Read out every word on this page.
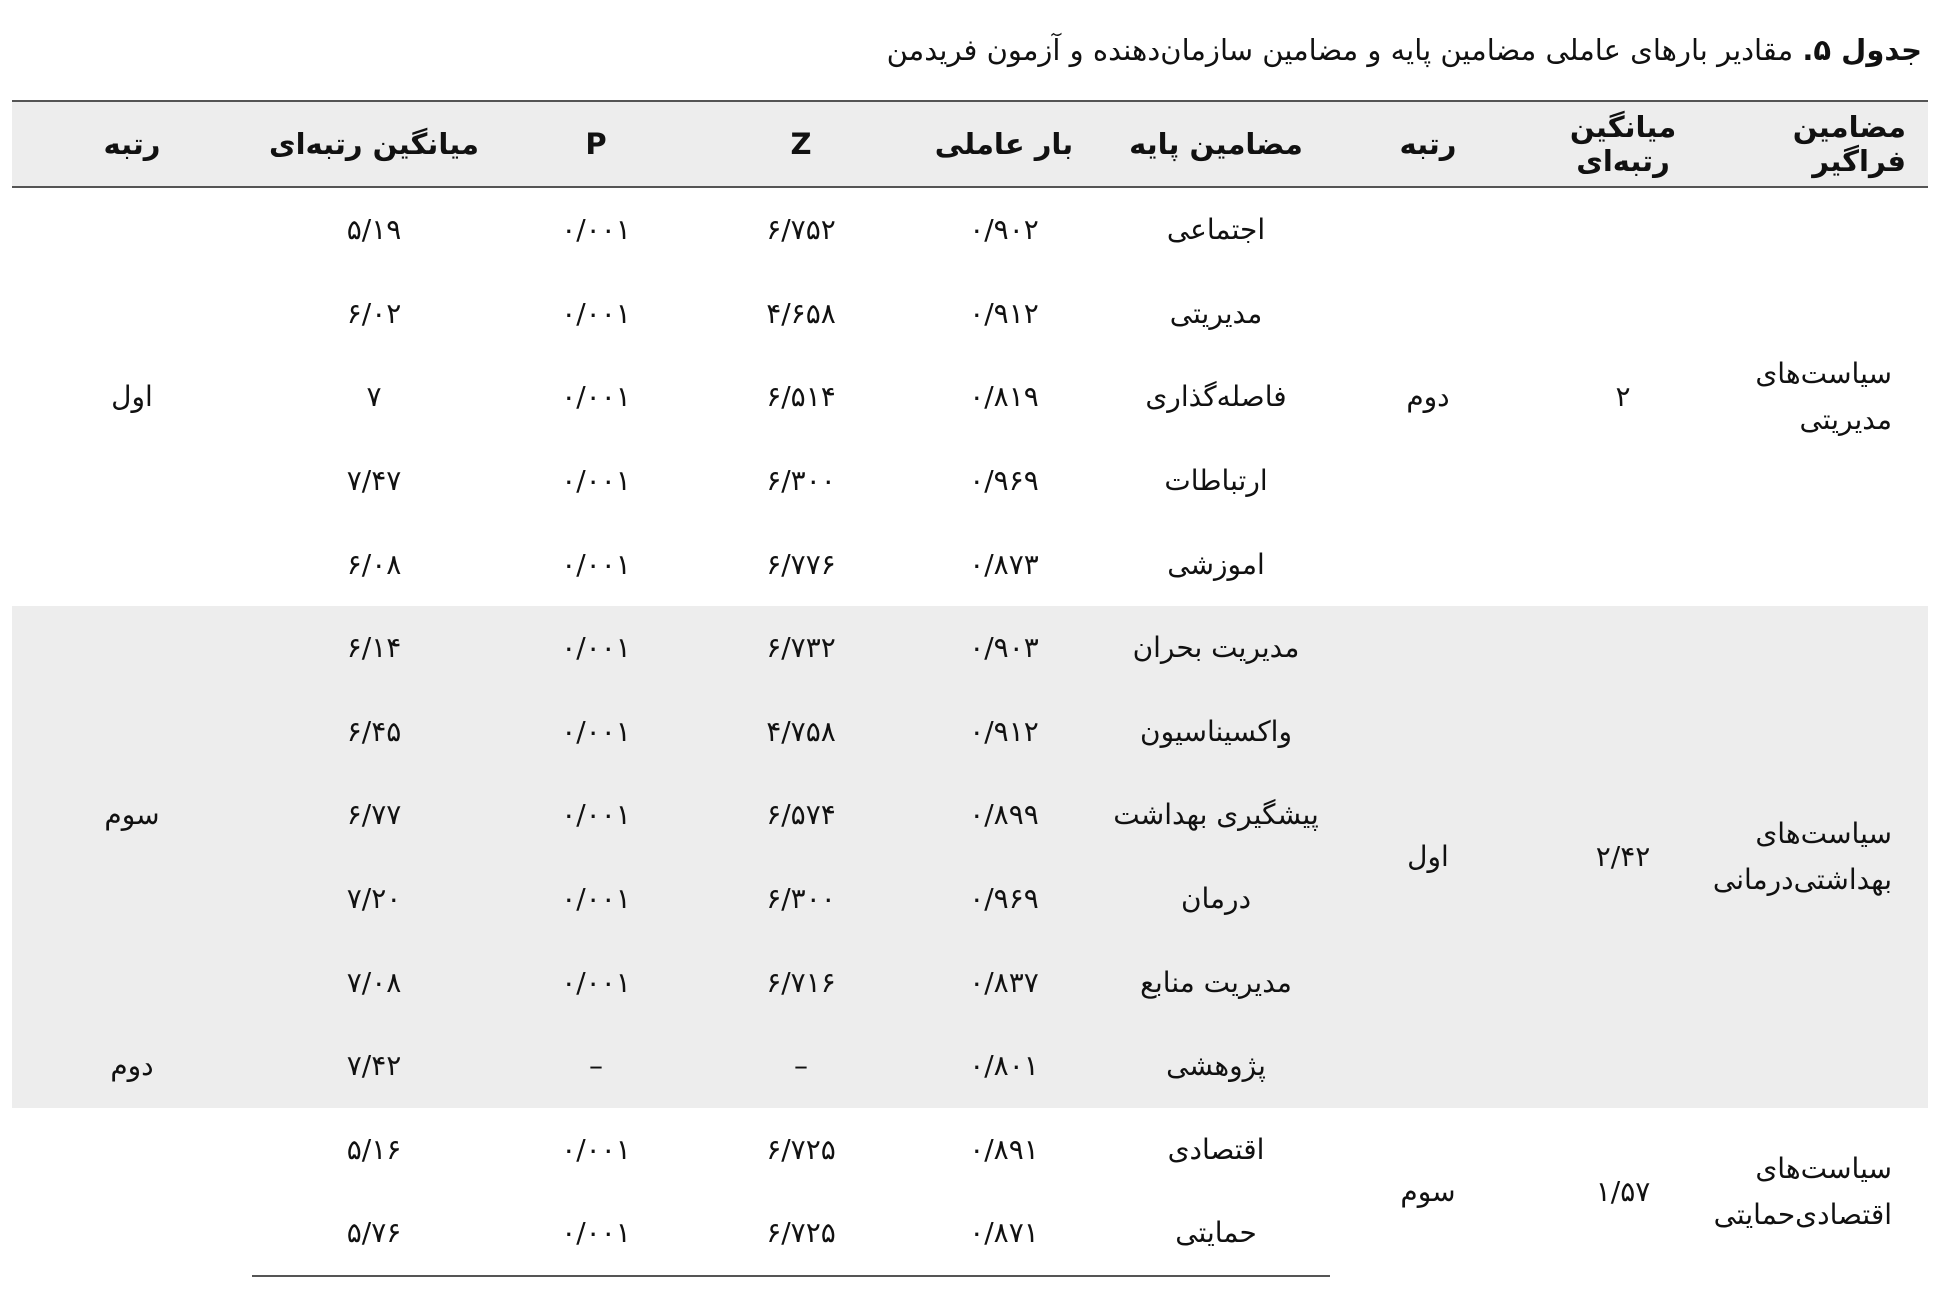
جدول ۵. مقادیر بارهای عاملی مضامین پایه و مضامین سازمان‌دهنده و آزمون فریدمن
مضامین فراگیر	میانگین رتبه‌ای	رتبه	مضامین پایه	بار عاملی	Z	P	میانگین رتبه‌ای	رتبه

سیاست‌های
مدیریتی	۲	دوم	اجتماعی	۰/۹۰۲	۶/۷۵۲	۰/۰۰۱	۵/۱۹	اول
			مدیریتی	۰/۹۱۲	۴/۶۵۸	۰/۰۰۱	۶/۰۲	
			فاصله‌گذاری	۰/۸۱۹	۶/۵۱۴	۰/۰۰۱	۷	
			ارتباطات	۰/۹۶۹	۶/۳۰۰	۰/۰۰۱	۷/۴۷	
			اموزشی	۰/۸۷۳	۶/۷۷۶	۰/۰۰۱	۶/۰۸	

سیاست‌های
بهداشتی‌درمانی	۲/۴۲	اول	مدیریت بحران	۰/۹۰۳	۶/۷۳۲	۰/۰۰۱	۶/۱۴	سوم
			واکسیناسیون	۰/۹۱۲	۴/۷۵۸	۰/۰۰۱	۶/۴۵	
			پیشگیری بهداشت	۰/۸۹۹	۶/۵۷۴	۰/۰۰۱	۶/۷۷	
			درمان	۰/۹۶۹	۶/۳۰۰	۰/۰۰۱	۷/۲۰	
			مدیریت منابع	۰/۸۳۷	۶/۷۱۶	۰/۰۰۱	۷/۰۸	
			پژوهشی	۰/۸۰۱	–	–	۷/۴۲	دوم

سیاست‌های
اقتصادی‌حمایتی	۱/۵۷	سوم	اقتصادی	۰/۸۹۱	۶/۷۲۵	۰/۰۰۱	۵/۱۶	
			حمایتی	۰/۸۷۱	۶/۷۲۵	۰/۰۰۱	۵/۷۶	
